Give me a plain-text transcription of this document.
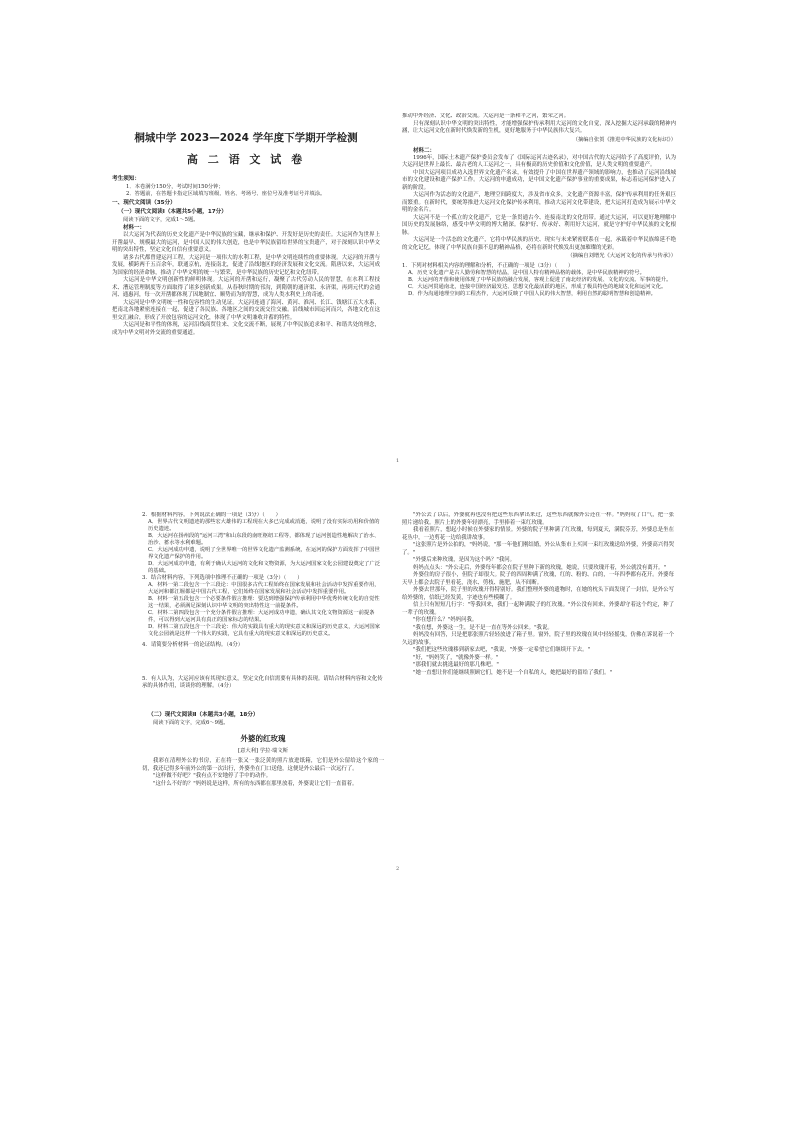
桐城中学 2023—2024 学年度下学期开学检测

高 二 语 文 试 卷

考生须知：

1．本卷满分150分，考试时间150分钟；

2．答题前，在答题卡指定区域填写班级、姓名、考场号、座位号及准考证号并填涂。

一、现代文阅读（35分）

（一）现代文阅读Ⅰ（本题共5小题，17分）

阅读下面的文字，完成1～5题。

材料一：

以大运河为代表的历史文化遗产是中华民族的宝藏，继承和保护、开发好是历史的责任。大运河作为世界上开凿最早、规模最大的运河，是中国人民的伟大创造，也是中华民族留给世界的宝贵遗产，对于深刻认识中华文明的突出特性，坚定文化自信有重要意义。

诸多古代都曾建运河工程，大运河是一项伟大的水利工程，是中华文明连续性的重要体现。大运河的开凿与发展，横跨两千五百余年，联通京杭，连接南北，促进了沿线地区的经济发展和文化交流。隋唐以来，大运河成为国家的经济命脉，推动了中华文明的统一与繁荣，是中华民族的历史记忆和文化纽带。

大运河是中华文明创新性的鲜明体现。大运河的开凿和运行，凝聚了古代劳动人民的智慧，在水利工程技术、漕运管理制度等方面取得了诸多创新成果。从春秋时期的邗沟，到隋朝的通济渠、永济渠，再到元代的会通河、通惠河，每一次开凿都体现了因地制宜、顺势而为的智慧，成为人类水利史上的奇迹。

大运河是中华文明统一性和包容性的生动见证。大运河连通了海河、黄河、淮河、长江、钱塘江五大水系，把南北各地紧密连接在一起，促进了各民族、各地区之间的交流交往交融。沿线城市因运河而兴，各地文化在这里交汇融合，形成了开放包容的运河文化，体现了中华文明兼收并蓄的特性。

大运河是和平性的体现，运河沿线商贸往来、文化交流不断，展现了中华民族追求和平、和谐共处的理念，成为中华文明对外交流的重要通道。

推动中外经济、文化、政治交流。大运河是一条和平之河，繁荣之河。

只有深刻认识中华文明的突出特性，才能增强保护传承利用大运河的文化自觉，深入挖掘大运河承载的精神内涵，让大运河文化在新时代焕发新的生机，更好地服务于中华民族伟大复兴。

（摘编自张贺《推进中华民族的文化标识》）

材料二：

1996年，国际土木遗产保护委员会发布了《国际运河古迹名录》，对中国古代的大运河给予了高度评价，认为大运河是世界上最长、最古老的人工运河之一，具有极高的历史价值和文化价值，是人类文明的重要遗产。

中国大运河项目成功入选世界文化遗产名录，有效提升了中国在世界遗产领域的影响力，也推动了运河沿线城市的文化建设和遗产保护工作。大运河的申遗成功，是中国文化遗产保护事业的重要成果，标志着运河保护进入了新的阶段。

大运河作为活态的文化遗产，地理空间跨度大，涉及省市众多，文化遗产资源丰富，保护传承利用的任务艰巨而繁重。在新时代，要统筹推进大运河文化保护传承利用，推动大运河文化带建设，把大运河打造成为展示中华文明的金名片。

大运河不是一个孤立的文化遗产，它是一条贯通古今、连接南北的文化纽带。通过大运河，可以更好地理解中国历史的发展脉络，感受中华文明的博大精深。保护好、传承好、利用好大运河，就是守护好中华民族的文化根脉。

大运河是一个活态的文化遗产，它将中华民族的历史、现实与未来紧密联系在一起，承载着中华民族绵延不绝的文化记忆，体现了中华民族自强不息的精神品格，必将在新时代焕发出更加璀璨的光彩。

（摘编自刘增光《大运河文化的传承与传承》）

1．下列对材料相关内容的理解和分析，不正确的一项是（3分）（　　）

A．历史文化遗产是古人勤劳和智慧的结晶，是中国人特有精神品格的载体，是中华民族精神的符号。

B．大运河的开凿和使用体现了中华民族的融合发展，客观上促进了南北经济的发展、文化的交流、军事的提升。

C．大运河贯通南北，连接中国经济最发达、思想文化最活跃的地区，形成了极具特色的地域文化和运河文化。

D．作为沟通地理空间的工程杰作，大运河反映了中国人民的伟大智慧，利用自然的聪明智慧和创造精神。

1

2．根据材料内容，下列说法正确的一项是（3分）（　　）

A．世界古代文明遗迹的那些宏大雄伟的工程现在大多已完成或消逝，说明了没有实际功用和价值的历史遗迹。

B．大运河在扬州段的"运河三湾"和山东段的南旺枢纽工程等，都体现了运河创造性地解决了治水、治沙、蓄水等水利难题。

C．大运河成功申遗，说明了全世界唯一的世界文化遗产监测系统，在运河的保护方面发挥了中国世界文化遗产保护的作用。

D．大运河成功申遗，有利于确认大运河的文化和文物资源，为大运河国家文化公园建设奠定了广泛的基础。

3．结合材料内容，下列选项中推理不正确的一项是（3分）（　　）

A．材料一第二段包含一个三段论：中国很多古代工程始终在国家发展和社会活动中发挥重要作用，大运河和都江堰都是中国古代工程，它们始终在国家发展和社会活动中发挥重要作用。

B．材料一第五段包含一个必要条件假言推理：要达到增强保护传承利用中华优秀传统文化的自觉性这一结果，必须满足深刻认识中华文明的突出特性这一前提条件。

C．材料二第四段包含一个充分条件假言推理：大运河成功申遗，确认其文化文物资源这一前提条件，可以得到大运河具有真正的国家标志的结果。

D．材料二第五段包含一个三段论：伟大的实践具有重大的现实意义和深远的历史意义，大运河国家文化公园就是这样一个伟大的实践，它具有重大的现实意义和深远的历史意义。

4．请简要分析材料一的论证结构。（4分）

5．有人认为，大运河应该有其现实意义，坚定文化自信需要有具体的表现。请结合材料内容和文化传承的具体作用，谈谈你的理解。（4分）

（二）现代文阅读Ⅱ（本题共3小题，18分）

阅读下面的文字，完成6～9题。

外婆的红玫瑰

[意大利] 学拉·瑞文斯

我彩在清理外公的书房，正在将一张又一张泛黄的照片放进纸箱，它们是外公留给这个家的一切，我还记得多年前外公的第一次出行，外婆坐在门口送他，这便是外公最后一次远行了。

"这样做不好吧？"我有点不安地停了手中的动作。

"这什么不好的？"妈妈说是这样，所有的东西都在那里放着，外婆说让它们一直留着。

"外公去了以后，外婆就再也没有把这些东西拿出来过，这些东西就像外公还在一样。"妈妈叹了口气，把一张照片递给我。照片上的外婆年轻漂亮，手里捧着一束红玫瑰。

我看着照片，想起小时候在外婆家的情景。外婆的院子里种满了红玫瑰，每到夏天，满院芬芳，外婆总是坐在花丛中，一边剪花一边给我讲故事。

"这张照片是外公拍的，"妈妈说，"那一年他们刚结婚，外公从集市上买回一束红玫瑰送给外婆，外婆高兴得哭了。"

"外婆后来种玫瑰，是因为这个吗？"我问。

妈妈点点头："外公走后，外婆每年都会在院子里种下新的玫瑰，她说，只要玫瑰开着，外公就没有离开。"

外婆住的房子很小，但院子却很大。院子的四周种满了玫瑰，红的、粉的、白的，一年四季都有花开。外婆每天早上都会去院子里看花，浇水、剪枝、施肥，从不间断。

外婆去世那年，院子里的玫瑰开得特别好。我们整理外婆的遗物时，在她的枕头下面发现了一封信，是外公写给外婆的，信纸已经发黄，字迹也有些模糊了。

信上只有短短几行字："等我回来，我们一起种满院子的红玫瑰。"外公没有回来，外婆却守着这个约定，种了一辈子的玫瑰。

"你在想什么？"妈妈问我。

"我在想，外婆这一生，是不是一直在等外公回来。"我说。

妈妈没有回答，只是把那张照片轻轻放进了箱子里。窗外，院子里的玫瑰在风中轻轻摇曳，仿佛在诉说着一个久远的故事。

"我们把这些玫瑰移到新家去吧，"我说，"外婆一定希望它们继续开下去。"

"好，"妈妈笑了，"就像外婆一样。"

"那我们就去挑选最好的那几株吧。"

"她一直想让你们能继续照顾它们，她不是一个自私的人，她把最好的留给了我们。"

2
